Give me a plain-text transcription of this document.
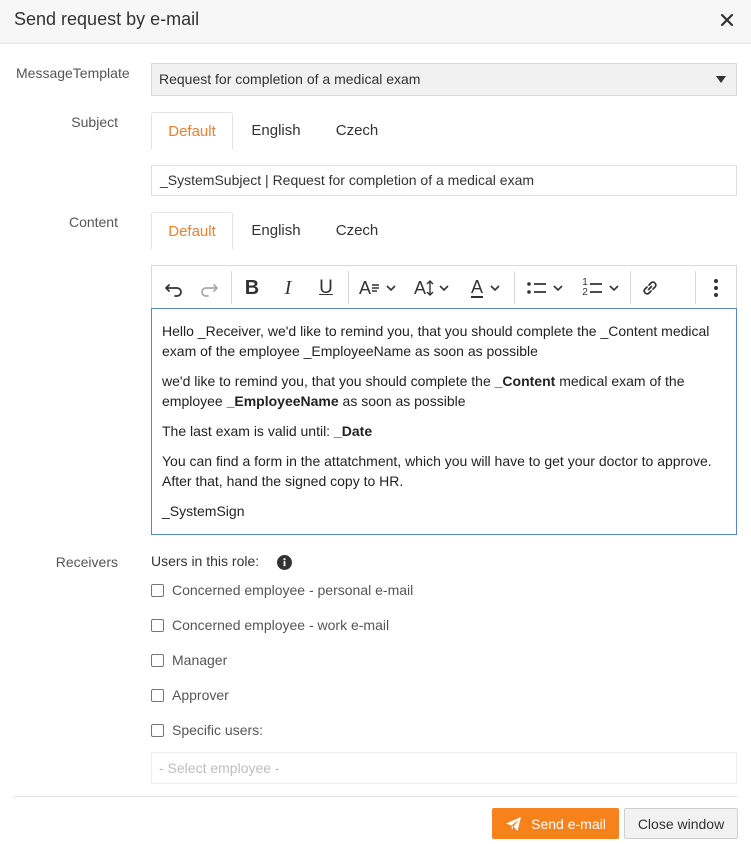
Send request by e-mail
MessageTemplate	Request for completion of a medical exam
Subject
Default	English	Czech
_SystemSubject | Request for completion of a medical exam
Content
Default	English	Czech
B I U A A A	1
2

Hello _Receiver, we'd like to remind you, that you should complete the _Content medical exam of the employee _EmployeeName as soon as possible

we'd like to remind you, that you should complete the _Content medical exam of the employee _EmployeeName as soon as possible

The last exam is valid until: _Date

You can find a form in the attatchment, which you will have to get your doctor to approve. After that, hand the signed copy to HR.

_SystemSign

Receivers Users in this role:
Concerned employee - personal e-mail
Concerned employee - work e-mail
Manager
Approver
Specific users:
- Select employee -
Send e-mail	Close window
